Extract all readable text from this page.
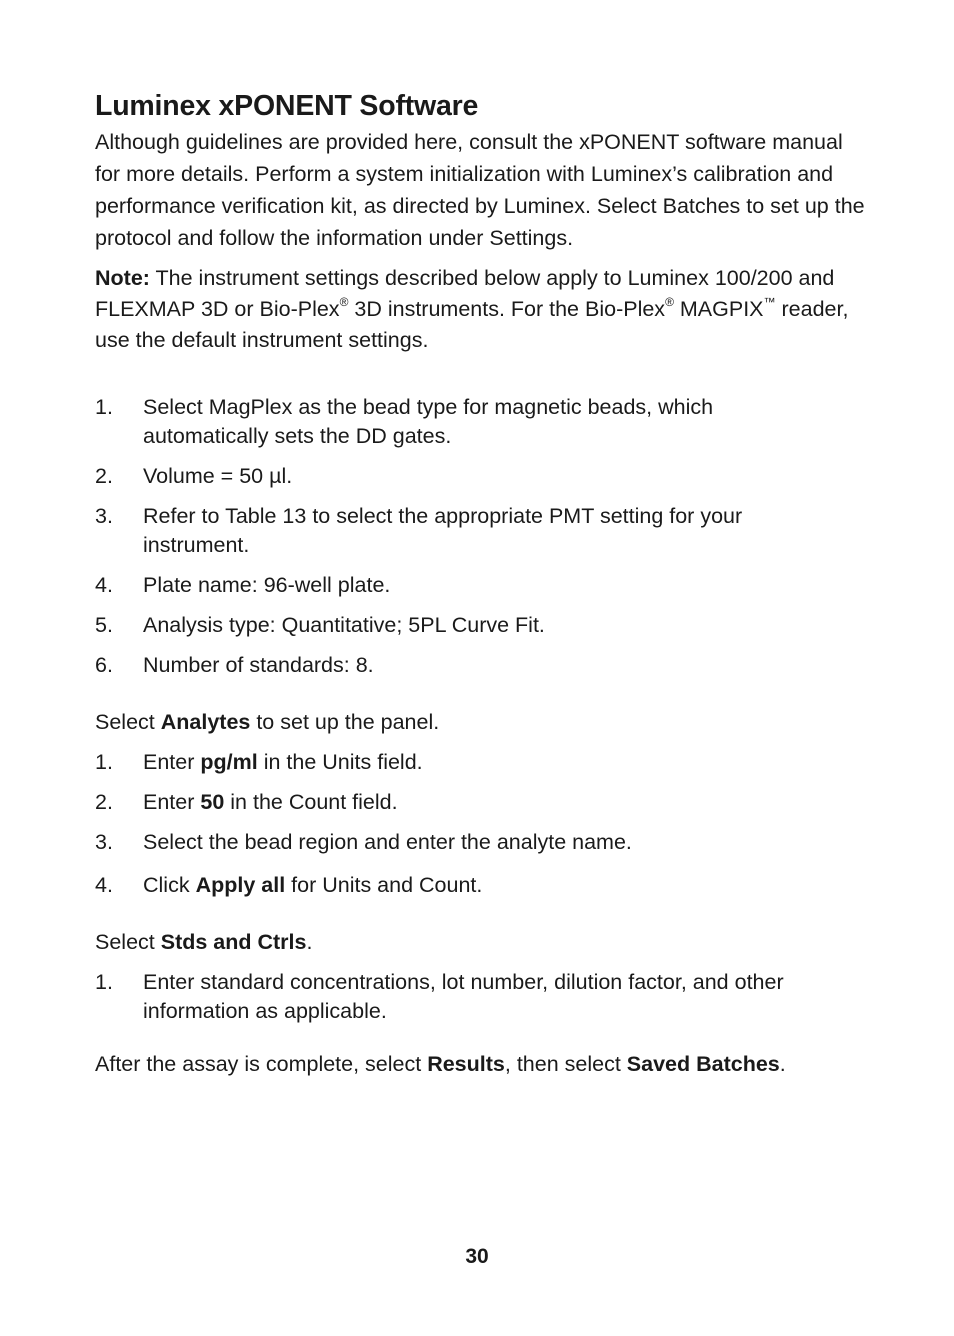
Luminex xPONENT Software

Although guidelines are provided here, consult the xPONENT software manual for more details. Perform a system initialization with Luminex’s calibration and performance verification kit, as directed by Luminex. Select Batches to set up the protocol and follow the information under Settings.

Note: The instrument settings described below apply to Luminex 100/200 and FLEXMAP 3D or Bio-Plex® 3D instruments. For the Bio-Plex® MAGPIX™ reader, use the default instrument settings.

1. Select MagPlex as the bead type for magnetic beads, which automatically sets the DD gates.
2. Volume = 50 µl.
3. Refer to Table 13 to select the appropriate PMT setting for your instrument.
4. Plate name: 96-well plate.
5. Analysis type: Quantitative; 5PL Curve Fit.
6. Number of standards: 8.

Select Analytes to set up the panel.

1. Enter pg/ml in the Units field.
2. Enter 50 in the Count field.
3. Select the bead region and enter the analyte name.
4. Click Apply all for Units and Count.

Select Stds and Ctrls.

1. Enter standard concentrations, lot number, dilution factor, and other information as applicable.

After the assay is complete, select Results, then select Saved Batches.

30
